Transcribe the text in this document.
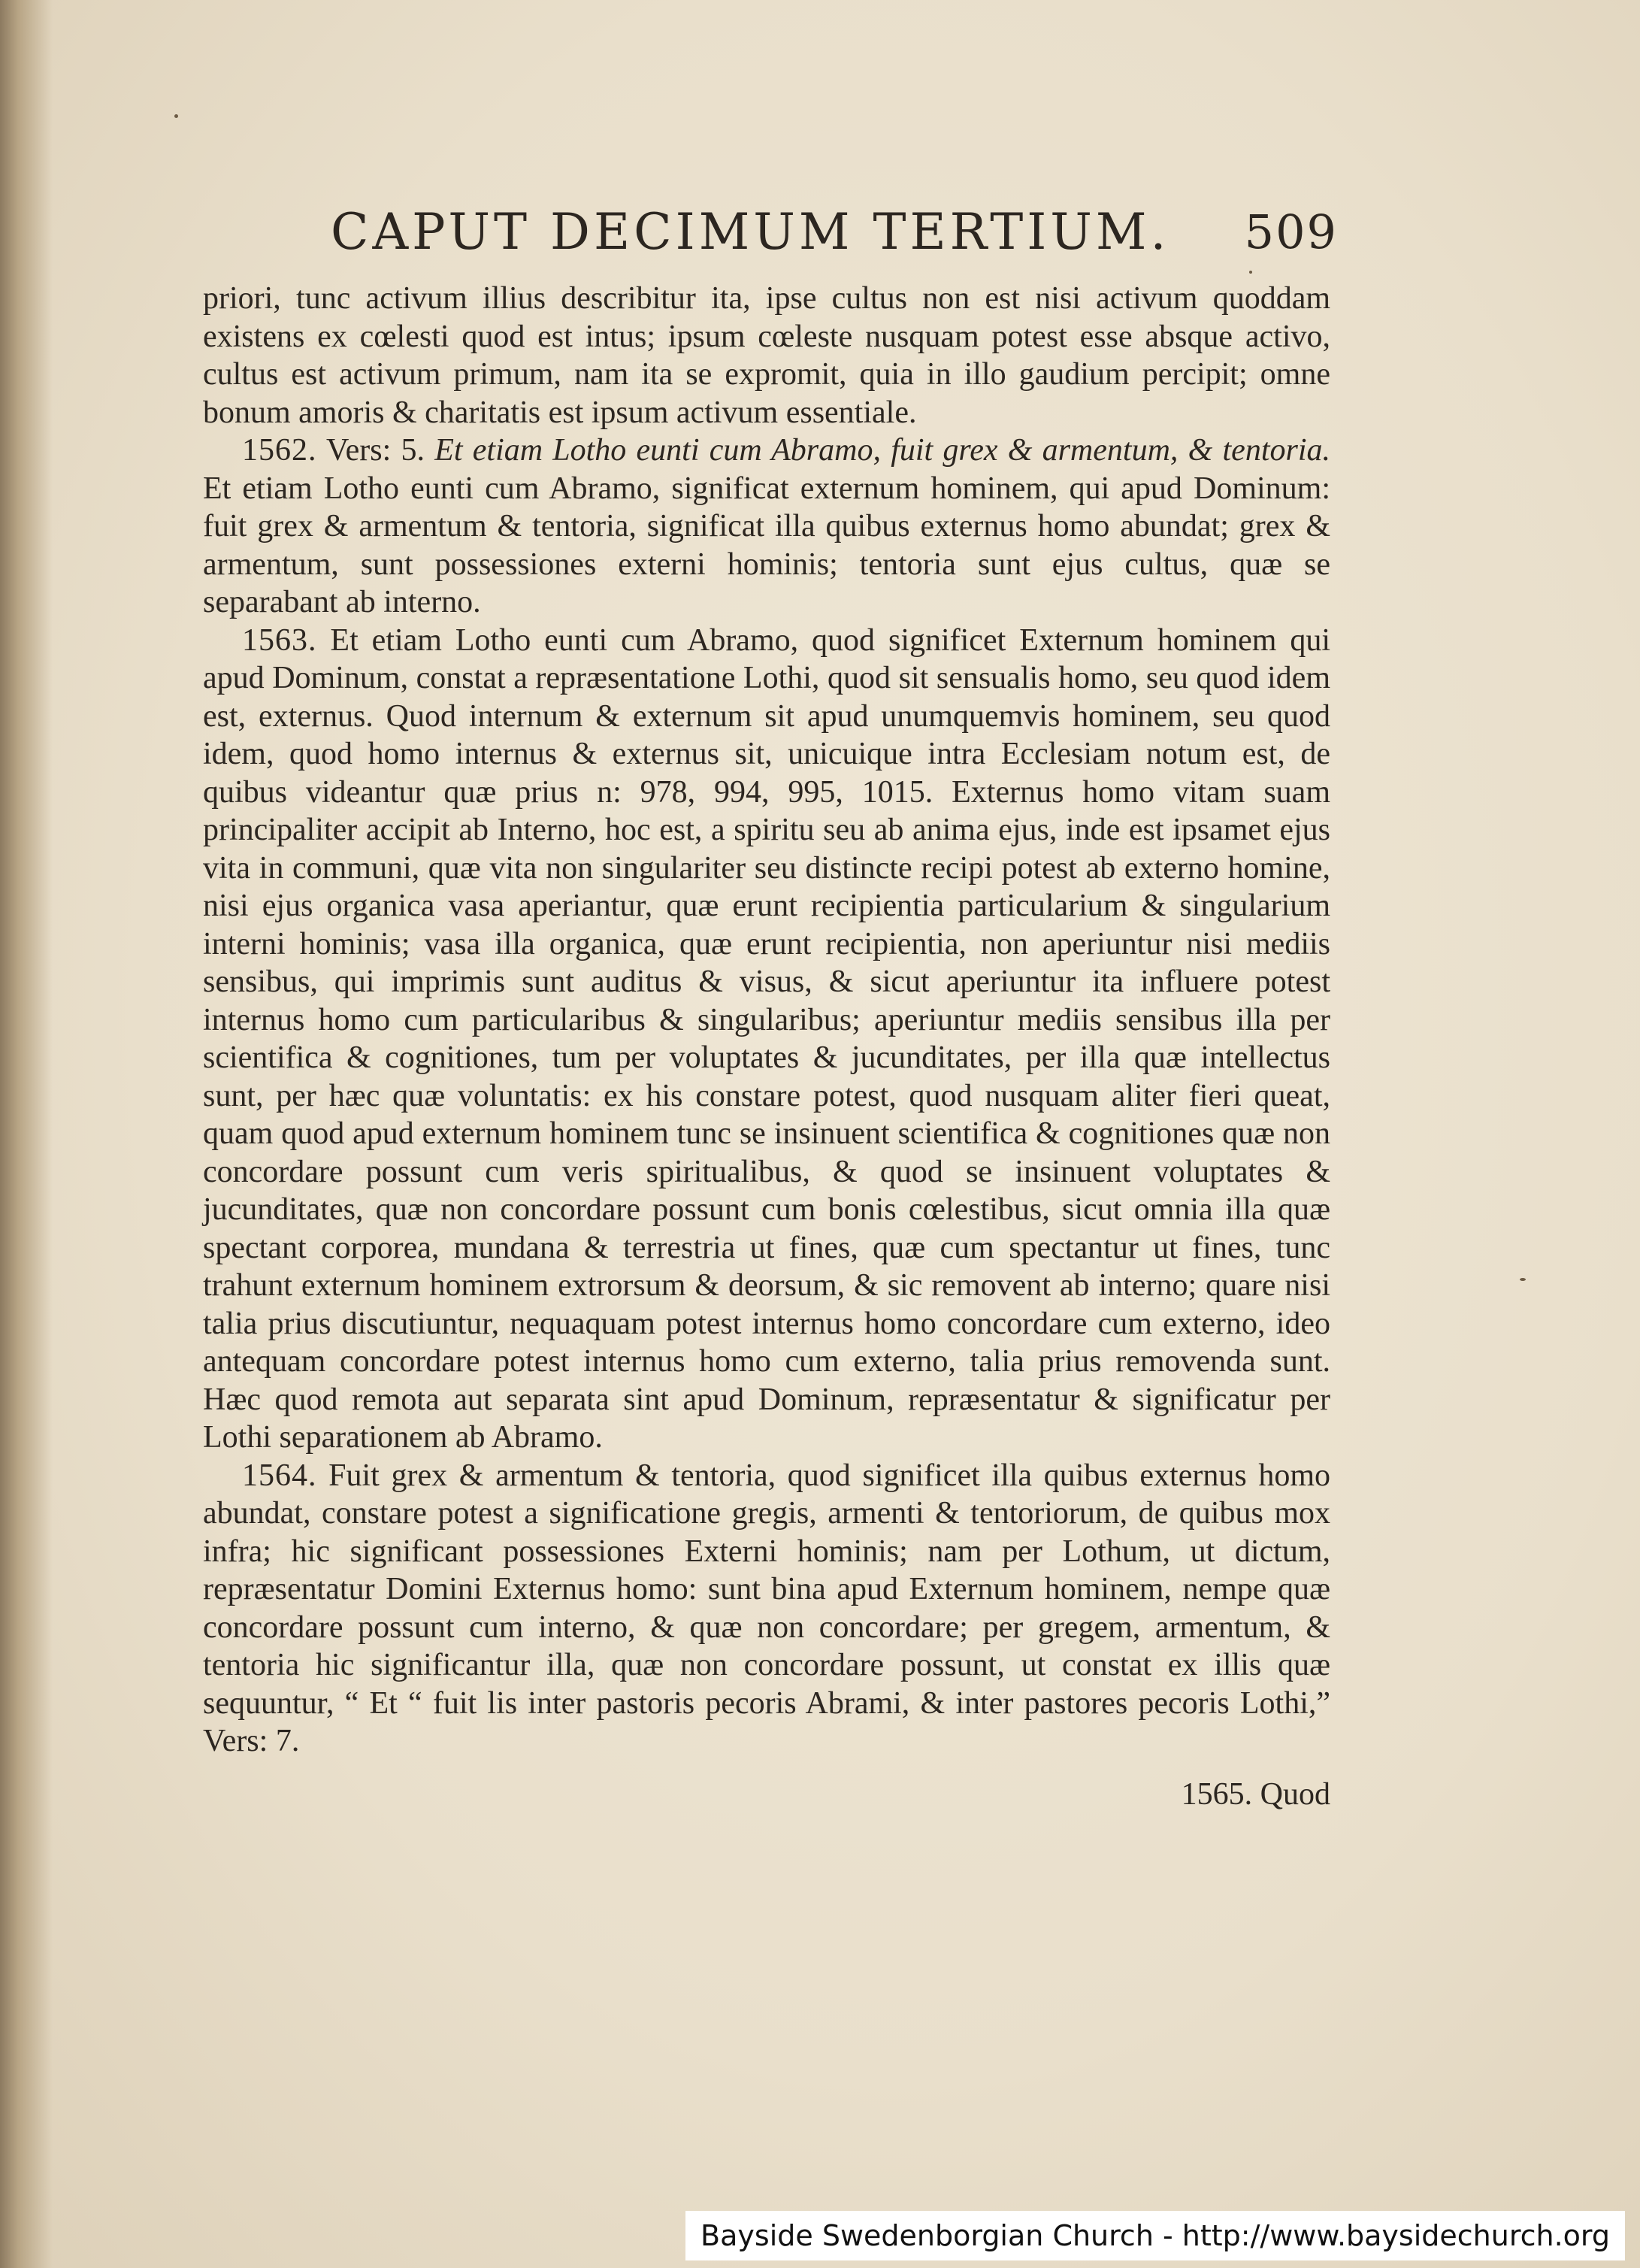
CAPUT DECIMUM TERTIUM. 509

priori, tunc activum illius describitur ita, ipse cultus non est nisi activum quoddam existens ex cœlesti quod est intus; ipsum cœleste nusquam potest esse absque activo, cultus est activum primum, nam ita se expromit, quia in illo gaudium percipit; omne bonum amoris & charitatis est ipsum activum essentiale.

1562. Vers: 5. Et etiam Lotho eunti cum Abramo, fuit grex & armentum, & tentoria. Et etiam Lotho eunti cum Abramo, significat externum hominem, qui apud Dominum: fuit grex & armentum & tentoria, significat illa quibus externus homo abundat; grex & armentum, sunt possessiones externi hominis; tentoria sunt ejus cultus, quæ se separabant ab interno.

1563. Et etiam Lotho eunti cum Abramo, quod significet Externum hominem qui apud Dominum, constat a repræsentatione Lothi, quod sit sensualis homo, seu quod idem est, externus. Quod internum & externum sit apud unumquemvis hominem, seu quod idem, quod homo internus & externus sit, unicuique intra Ecclesiam notum est, de quibus videantur quæ prius n: 978, 994, 995, 1015. Externus homo vitam suam principaliter accipit ab Interno, hoc est, a spiritu seu ab anima ejus, inde est ipsamet ejus vita in communi, quæ vita non singulariter seu distincte recipi potest ab externo homine, nisi ejus organica vasa aperiantur, quæ erunt recipientia particularium & singularium interni hominis; vasa illa organica, quæ erunt recipientia, non aperiuntur nisi mediis sensibus, qui imprimis sunt auditus & visus, & sicut aperiuntur ita influere potest internus homo cum particularibus & singularibus; aperiuntur mediis sensibus illa per scientifica & cognitiones, tum per voluptates & jucunditates, per illa quæ intellectus sunt, per hæc quæ voluntatis: ex his constare potest, quod nusquam aliter fieri queat, quam quod apud externum hominem tunc se insinuent scientifica & cognitiones quæ non concordare possunt cum veris spiritualibus, & quod se insinuent voluptates & jucunditates, quæ non concordare possunt cum bonis cœlestibus, sicut omnia illa quæ spectant corporea, mundana & terrestria ut fines, quæ cum spectantur ut fines, tunc trahunt externum hominem extrorsum & deorsum, & sic removent ab interno; quare nisi talia prius discutiuntur, nequaquam potest internus homo concordare cum externo, ideo antequam concordare potest internus homo cum externo, talia prius removenda sunt. Hæc quod remota aut separata sint apud Dominum, repræsentatur & significatur per Lothi separationem ab Abramo.

1564. Fuit grex & armentum & tentoria, quod significet illa quibus externus homo abundat, constare potest a significatione gregis, armenti & tentoriorum, de quibus mox infra; hic significant possessiones Externi hominis; nam per Lothum, ut dictum, repræsentatur Domini Externus homo: sunt bina apud Externum hominem, nempe quæ concordare possunt cum interno, & quæ non concordare; per gregem, armentum, & tentoria hic significantur illa, quæ non concordare possunt, ut constat ex illis quæ sequuntur, “ Et “ fuit lis inter pastoris pecoris Abrami, & inter pastores pecoris Lothi,” Vers: 7.

1565. Quod

Bayside Swedenborgian Church - http://www.baysidechurch.org
